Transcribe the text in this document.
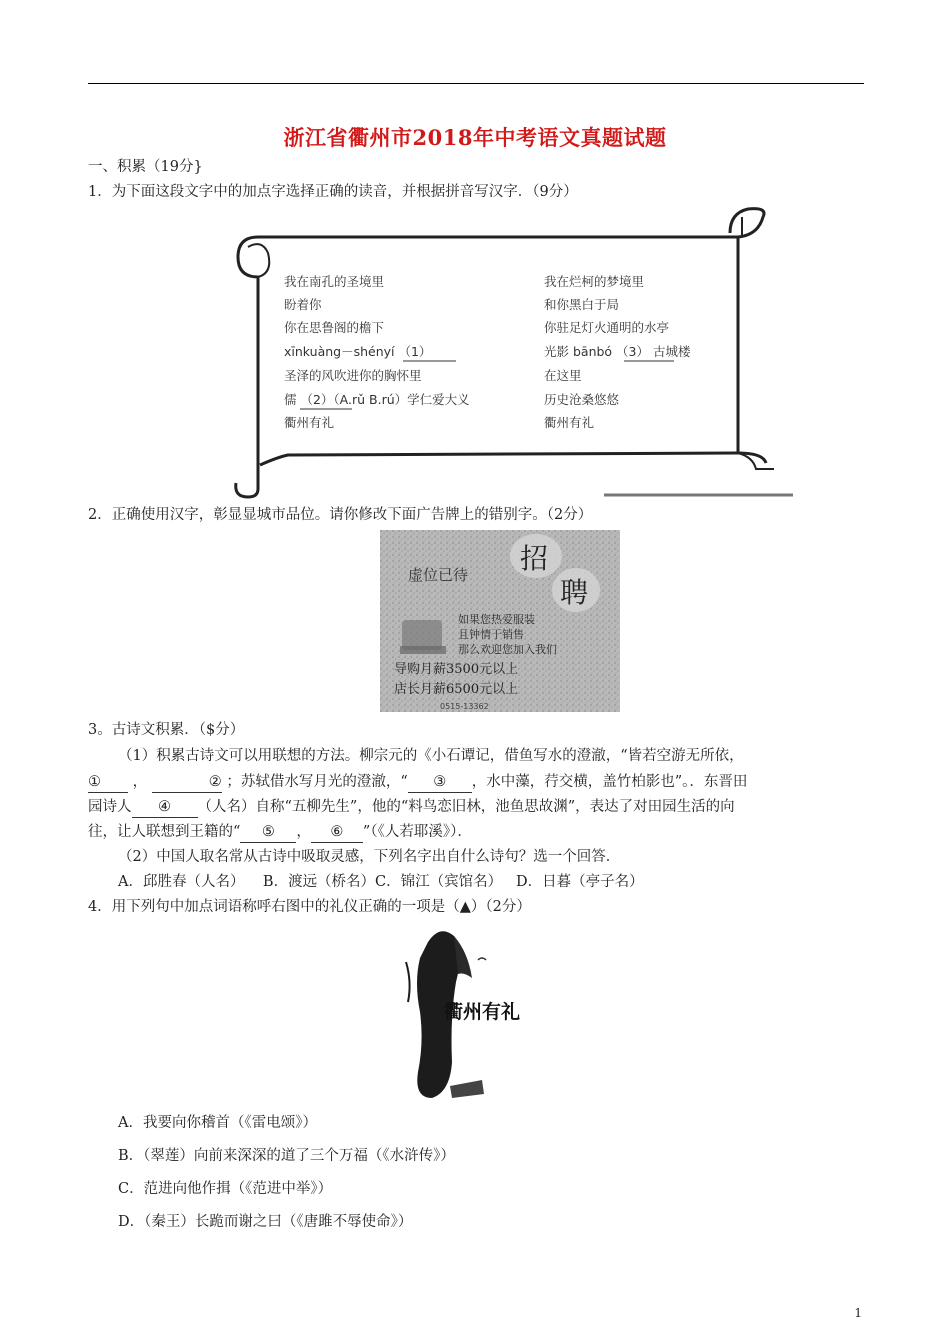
浙江省衢州市2018年中考语文真题试题
一、积累（19分}
1．为下面这段文字中的加点字选择正确的读音，并根据拼音写汉字．（9分）
我在南孔的圣境里
盼着你
你在思鲁阁的檐下
xīnkuàng－shényí （1）
圣泽的风吹进你的胸怀里
儒 （2）（A.rǔ B.rú）学仁爱大义
衢州有礼
我在烂柯的梦境里
和你黑白于局
你驻足灯火通明的水亭
光影 bānbó （3） 古城楼
在这里
历史沧桑悠悠
衢州有礼
2．正确使用汉字，彰显显城市品位。请你修改下面广告牌上的错别字。（2分）
招
聘
虚位已待
如果您热爱服装
且钟情于销售
那么欢迎您加入我们
导购月薪3500元以上
店长月薪6500元以上
0515-13362
3。古诗文积累．（$分）
（1）积累古诗文可以用联想的方法。柳宗元的《小石谭记，借鱼写水的澄澈，“皆若空游无所依，
① ，	② ；苏轼借水写月光的澄澈，“ ③ ，水中藻，荇交横，盖竹柏影也”。．东晋田
园诗人 ④ （人名）自称“五柳先生”，他的“料鸟恋旧林，池鱼思故渊”，表达了对田园生活的向
往，让人联想到王籍的“ ⑤ ， ⑥ ”（《人若耶溪》）．
（2）中国人取名常从古诗中吸取灵感，下列名字出自什么诗句？选一个回答．
A．邱胜春（人名）    B．渡远（桥名）C．锦江（宾馆名）   D．日暮（亭子名）
4．用下列句中加点词语称呼右图中的礼仪正确的一项是（▲）（2分）
衢州有礼
A．我要向你稽首（《雷电颂》）
B．（翠莲）向前来深深的道了三个万福（《水浒传》）
C．范进向他作揖（《范进中举》）
D．（秦王）长跪而谢之曰（《唐雎不辱使命》）
1
